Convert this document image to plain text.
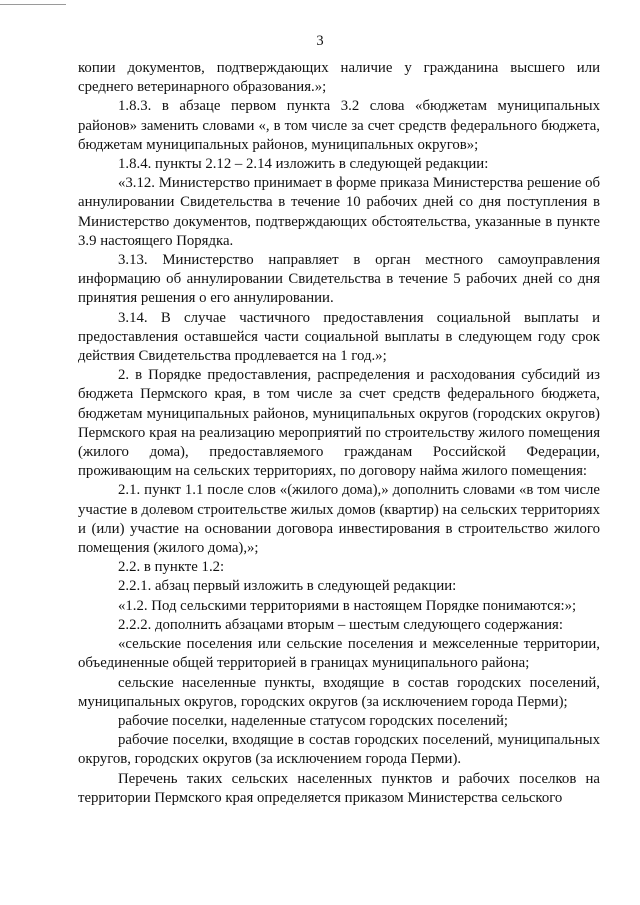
3

копии документов, подтверждающих наличие у гражданина высшего или среднего ветеринарного образования.»;

1.8.3. в абзаце первом пункта 3.2 слова «бюджетам муниципальных районов» заменить словами «, в том числе за счет средств федерального бюджета, бюджетам муниципальных районов, муниципальных округов»;

1.8.4. пункты 2.12 – 2.14 изложить в следующей редакции:

«3.12. Министерство принимает в форме приказа Министерства решение об аннулировании Свидетельства в течение 10 рабочих дней со дня поступления в Министерство документов, подтверждающих обстоятельства, указанные в пункте 3.9 настоящего Порядка.

3.13. Министерство направляет в орган местного самоуправления информацию об аннулировании Свидетельства в течение 5 рабочих дней со дня принятия решения о его аннулировании.

3.14. В случае частичного предоставления социальной выплаты и предоставления оставшейся части социальной выплаты в следующем году срок действия Свидетельства продлевается на 1 год.»;

2. в Порядке предоставления, распределения и расходования субсидий из бюджета Пермского края, в том числе за счет средств федерального бюджета, бюджетам муниципальных районов, муниципальных округов (городских округов) Пермского края на реализацию мероприятий по строительству жилого помещения (жилого дома), предоставляемого гражданам Российской Федерации, проживающим на сельских территориях, по договору найма жилого помещения:

2.1. пункт 1.1 после слов «(жилого дома),» дополнить словами «в том числе участие в долевом строительстве жилых домов (квартир) на сельских территориях и (или) участие на основании договора инвестирования в строительство жилого помещения (жилого дома),»;

2.2. в пункте 1.2:

2.2.1. абзац первый изложить в следующей редакции:

«1.2. Под сельскими территориями в настоящем Порядке понимаются:»;

2.2.2. дополнить абзацами вторым – шестым следующего содержания:

«сельские поселения или сельские поселения и межселенные территории, объединенные общей территорией в границах муниципального района;

сельские населенные пункты, входящие в состав городских поселений, муниципальных округов, городских округов (за исключением города Перми);

рабочие поселки, наделенные статусом городских поселений;

рабочие поселки, входящие в состав городских поселений, муниципальных округов, городских округов (за исключением города Перми).

Перечень таких сельских населенных пунктов и рабочих поселков на территории Пермского края определяется приказом Министерства сельского
